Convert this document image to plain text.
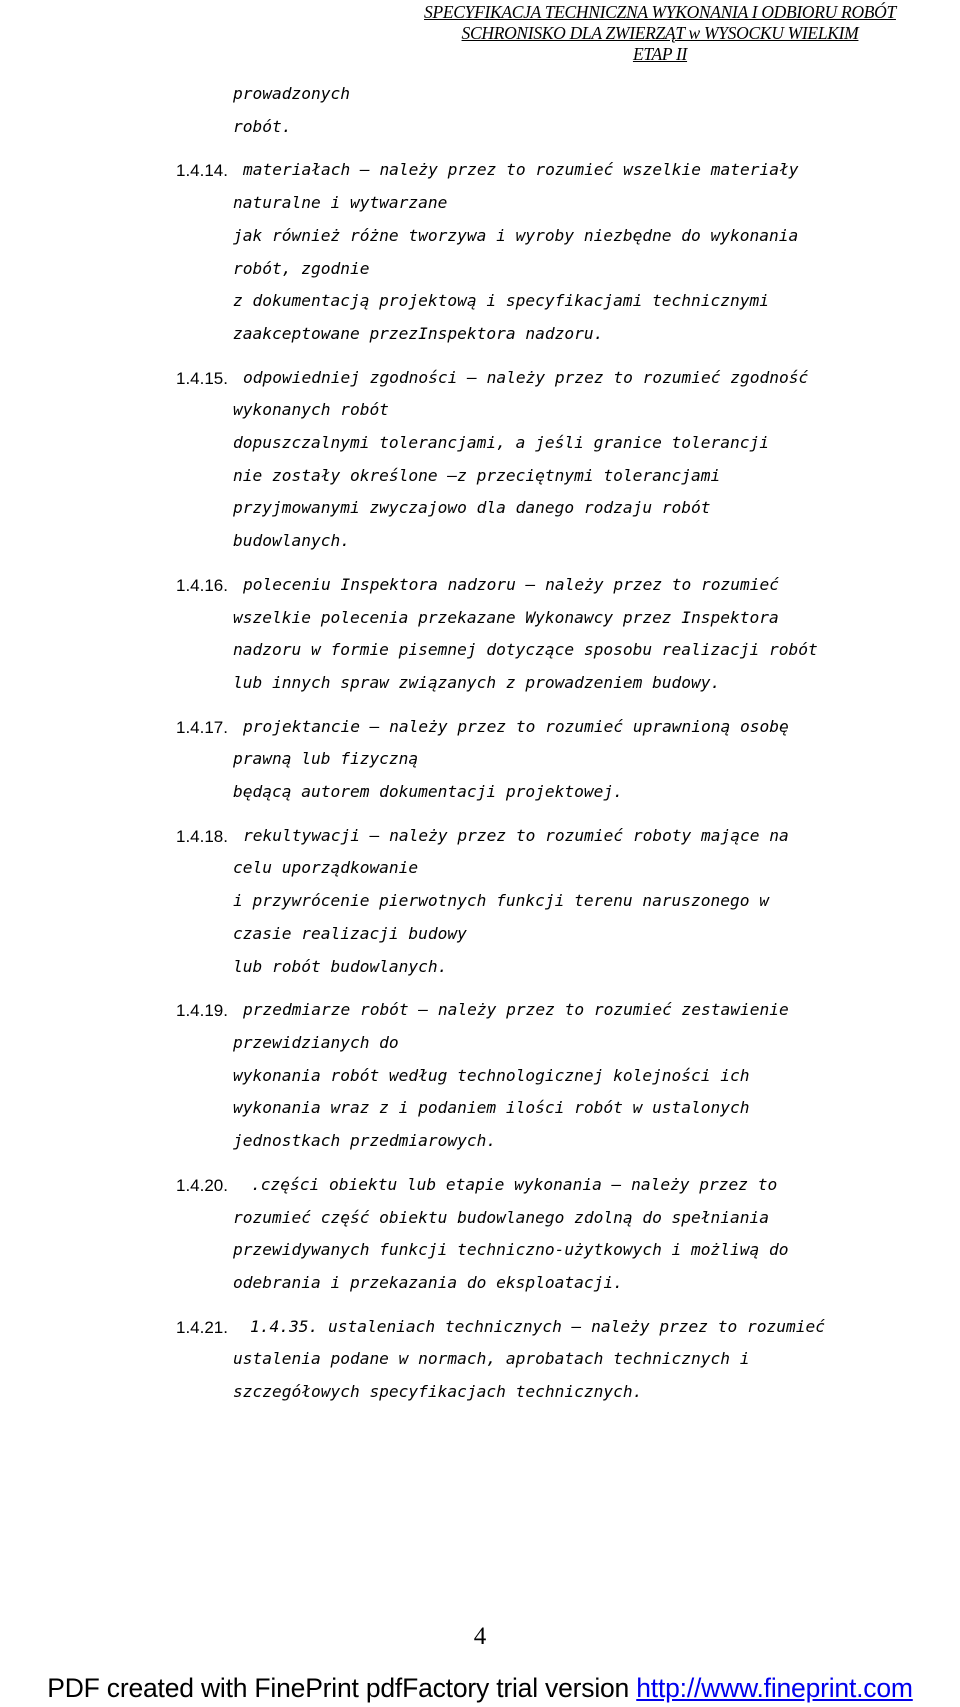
SPECYFIKACJA TECHNICZNA WYKONANIA I ODBIORU ROBÓT
SCHRONISKO DLA ZWIERZĄT w WYSOCKU WIELKIM
ETAP II
prowadzonych
robót.
1.4.14. materiałach – należy przez to rozumieć wszelkie materiały
naturalne i wytwarzane
jak również różne tworzywa i wyroby niezbędne do wykonania
robót, zgodnie
z dokumentacją projektową i specyfikacjami technicznymi
zaakceptowane przezInspektora nadzoru.
1.4.15. odpowiedniej zgodności – należy przez to rozumieć zgodność
wykonanych robót
dopuszczalnymi tolerancjami, a jeśli granice tolerancji
nie zostały określone –z przeciętnymi tolerancjami
przyjmowanymi zwyczajowo dla danego rodzaju robót
budowlanych.
1.4.16. poleceniu Inspektora nadzoru — należy przez to rozumieć
wszelkie polecenia przekazane Wykonawcy przez Inspektora
nadzoru w formie pisemnej dotyczące sposobu realizacji robót
lub innych spraw związanych z prowadzeniem budowy.
1.4.17. projektancie – należy przez to rozumieć uprawnioną osobę
prawną lub fizyczną
będącą autorem dokumentacji projektowej.
1.4.18. rekultywacji – należy przez to rozumieć roboty mające na
celu uporządkowanie
i przywrócenie pierwotnych funkcji terenu naruszonego w
czasie realizacji budowy
lub robót budowlanych.
1.4.19. przedmiarze robót – należy przez to rozumieć zestawienie
przewidzianych do
wykonania robót według technologicznej kolejności ich
wykonania wraz z i podaniem ilości robót w ustalonych
jednostkach przedmiarowych.
1.4.20.	.części obiektu lub etapie wykonania – należy przez to
rozumieć część obiektu budowlanego zdolną do spełniania
przewidywanych funkcji techniczno-użytkowych i możliwą do
odebrania i przekazania do eksploatacji.
1.4.21.	1.4.35. ustaleniach technicznych – należy przez to rozumieć
ustalenia podane w normach, aprobatach technicznych i
szczegółowych specyfikacjach technicznych.
4
PDF created with FinePrint pdfFactory trial version http://www.fineprint.com
